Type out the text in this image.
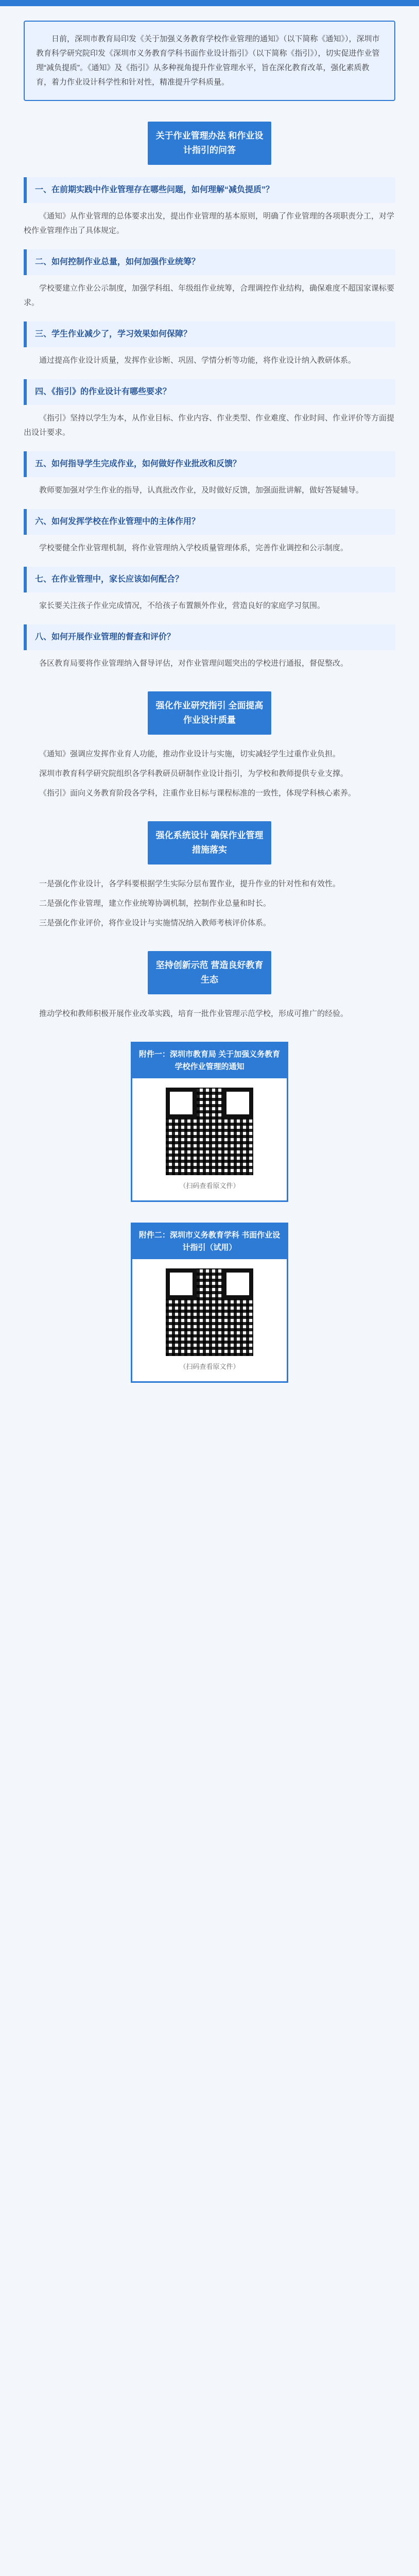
日前，深圳市教育局印发《关于加强义务教育学校作业管理的通知》（以下简称《通知》），深圳市教育科学研究院印发《深圳市义务教育学科书面作业设计指引》（以下简称《指引》），切实促进作业管理“减负提质”。《通知》及《指引》从多种视角提升作业管理水平，旨在深化教育改革，强化素质教育，着力作业设计科学性和针对性，精准提升学科质量。

关于作业管理办法 和作业设计指引的问答
一、在前期实践中作业管理存在哪些问题，如何理解“减负提质”？

《通知》从作业管理的总体要求出发，提出作业管理的基本原则，明确了作业管理的各项职责分工，对学校作业管理作出了具体规定。

二、如何控制作业总量，如何加强作业统筹？

学校要建立作业公示制度，加强学科组、年级组作业统筹，合理调控作业结构，确保难度不超国家课标要求。

三、学生作业减少了，学习效果如何保障？

通过提高作业设计质量，发挥作业诊断、巩固、学情分析等功能，将作业设计纳入教研体系。

四、《指引》的作业设计有哪些要求？

《指引》坚持以学生为本，从作业目标、作业内容、作业类型、作业难度、作业时间、作业评价等方面提出设计要求。

五、如何指导学生完成作业，如何做好作业批改和反馈？

教师要加强对学生作业的指导，认真批改作业，及时做好反馈，加强面批讲解，做好答疑辅导。

六、如何发挥学校在作业管理中的主体作用？

学校要健全作业管理机制，将作业管理纳入学校质量管理体系，完善作业调控和公示制度。

七、在作业管理中，家长应该如何配合？

家长要关注孩子作业完成情况，不给孩子布置额外作业，营造良好的家庭学习氛围。

八、如何开展作业管理的督查和评价？

各区教育局要将作业管理纳入督导评估，对作业管理问题突出的学校进行通报，督促整改。

强化作业研究指引 全面提高作业设计质量

《通知》强调应发挥作业育人功能，推动作业设计与实施，切实减轻学生过重作业负担。

深圳市教育科学研究院组织各学科教研员研制作业设计指引，为学校和教师提供专业支撑。

《指引》面向义务教育阶段各学科，注重作业目标与课程标准的一致性，体现学科核心素养。

强化系统设计 确保作业管理措施落实

一是强化作业设计，各学科要根据学生实际分层布置作业，提升作业的针对性和有效性。

二是强化作业管理，建立作业统筹协调机制，控制作业总量和时长。

三是强化作业评价，将作业设计与实施情况纳入教师考核评价体系。

坚持创新示范 营造良好教育生态

推动学校和教师积极开展作业改革实践，培育一批作业管理示范学校，形成可推广的经验。

附件一：深圳市教育局 关于加强义务教育学校作业管理的通知
（扫码查看原文件）
附件二：深圳市义务教育学科 书面作业设计指引（试用）
（扫码查看原文件）
